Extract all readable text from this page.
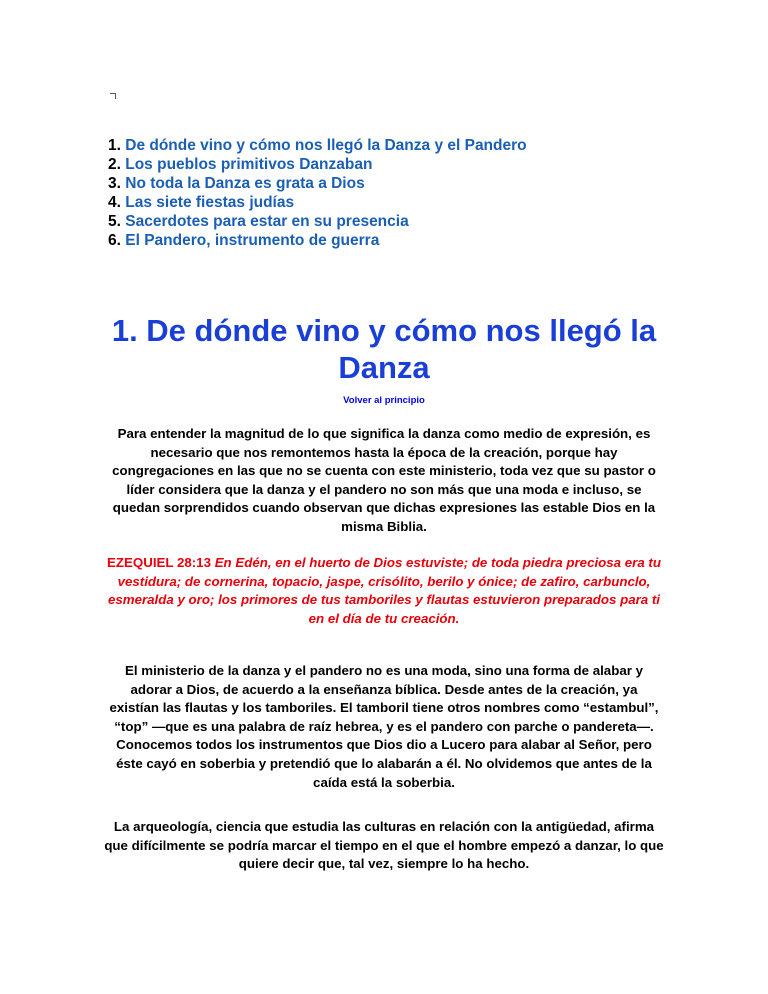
1. De dónde vino y cómo nos llegó la Danza y el Pandero
2. Los pueblos primitivos Danzaban
3. No toda la Danza es grata a Dios
4. Las siete fiestas judías
5. Sacerdotes para estar en su presencia
6. El Pandero, instrumento de guerra
1. De dónde vino y cómo nos llegó la Danza
Volver al principio

Para entender la magnitud de lo que significa la danza como medio de expresión, es necesario que nos remontemos hasta la época de la creación, porque hay congregaciones en las que no se cuenta con este ministerio, toda vez que su pastor o líder considera que la danza y el pandero no son más que una moda e incluso, se quedan sorprendidos cuando observan que dichas expresiones las estable Dios en la misma Biblia.

EZEQUIEL 28:13 En Edén, en el huerto de Dios estuviste; de toda piedra preciosa era tu vestidura; de cornerina, topacio, jaspe, crisólito, berilo y ónice; de zafiro, carbunclo, esmeralda y oro; los primores de tus tamboriles y flautas estuvieron preparados para ti en el día de tu creación.

El ministerio de la danza y el pandero no es una moda, sino una forma de alabar y adorar a Dios, de acuerdo a la enseñanza bíblica. Desde antes de la creación, ya existían las flautas y los tamboriles. El tamboril tiene otros nombres como “estambul”, “top” —que es una palabra de raíz hebrea, y es el pandero con parche o pandereta—. Conocemos todos los instrumentos que Dios dio a Lucero para alabar al Señor, pero éste cayó en soberbia y pretendió que lo alabarán a él. No olvidemos que antes de la caída está la soberbia.

La arqueología, ciencia que estudia las culturas en relación con la antigüedad, afirma que difícilmente se podría marcar el tiempo en el que el hombre empezó a danzar, lo que quiere decir que, tal vez, siempre lo ha hecho.
